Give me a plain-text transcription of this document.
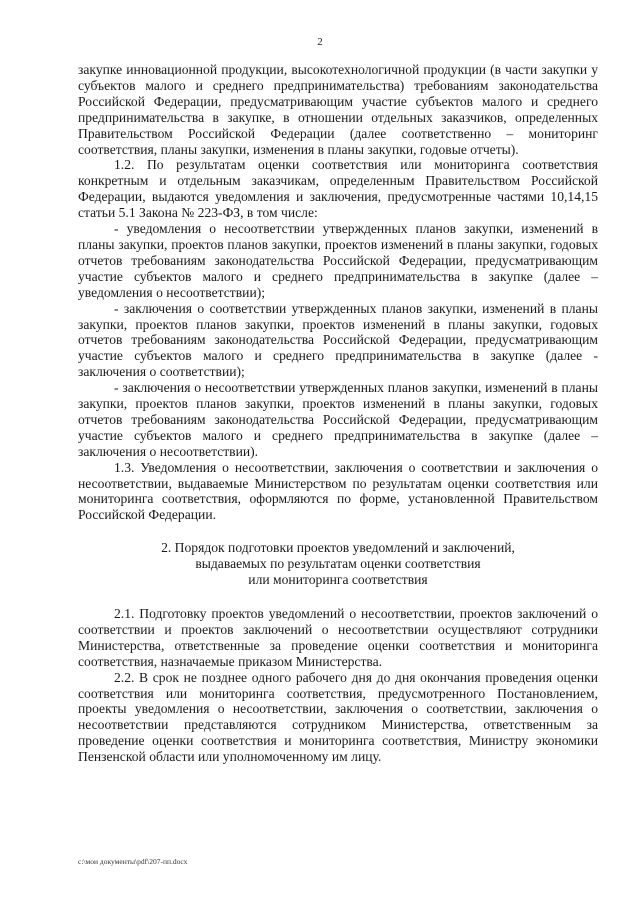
2

закупке инновационной продукции, высокотехнологичной продукции (в части закупки у субъектов малого и среднего предпринимательства) требованиям законодательства Российской Федерации, предусматривающим участие субъектов малого и среднего предпринимательства в закупке, в отношении отдельных заказчиков, определенных Правительством Российской Федерации (далее соответственно – мониторинг соответствия, планы закупки, изменения в планы закупки, годовые отчеты).

1.2. По результатам оценки соответствия или мониторинга соответствия конкретным и отдельным заказчикам, определенным Правительством Российской Федерации, выдаются уведомления и заключения, предусмотренные частями 10,14,15 статьи 5.1 Закона № 223-ФЗ, в том числе:

- уведомления о несоответствии утвержденных планов закупки, изменений в планы закупки, проектов планов закупки, проектов изменений в планы закупки, годовых отчетов требованиям законодательства Российской Федерации, предусматривающим участие субъектов малого и среднего предпринимательства в закупке (далее – уведомления о несоответствии);

- заключения о соответствии утвержденных планов закупки, изменений в планы закупки, проектов планов закупки, проектов изменений в планы закупки, годовых отчетов требованиям законодательства Российской Федерации, предусматривающим участие субъектов малого и среднего предпринимательства в закупке (далее - заключения о соответствии);

- заключения о несоответствии утвержденных планов закупки, изменений в планы закупки, проектов планов закупки, проектов изменений в планы закупки, годовых отчетов требованиям законодательства Российской Федерации, предусматривающим участие субъектов малого и среднего предпринимательства в закупке (далее – заключения о несоответствии).

1.3. Уведомления о несоответствии, заключения о соответствии и заключения о несоответствии, выдаваемые Министерством по результатам оценки соответствия или мониторинга соответствия, оформляются по форме, установленной Правительством Российской Федерации.

2. Порядок подготовки проектов уведомлений и заключений,
выдаваемых по результатам оценки соответствия
или мониторинга соответствия

2.1. Подготовку проектов уведомлений о несоответствии, проектов заключений о соответствии и проектов заключений о несоответствии осуществляют сотрудники Министерства, ответственные за проведение оценки соответствия и мониторинга соответствия, назначаемые приказом Министерства.

2.2. В срок не позднее одного рабочего дня до дня окончания проведения оценки соответствия или мониторинга соответствия, предусмотренного Постановлением, проекты уведомления о несоответствии, заключения о соответствии, заключения о несоответствии представляются сотрудником Министерства, ответственным за проведение оценки соответствия и мониторинга соответствия, Министру экономики Пензенской области или уполномоченному им лицу.

c:\мои документы\pdf\207-пп.docx
